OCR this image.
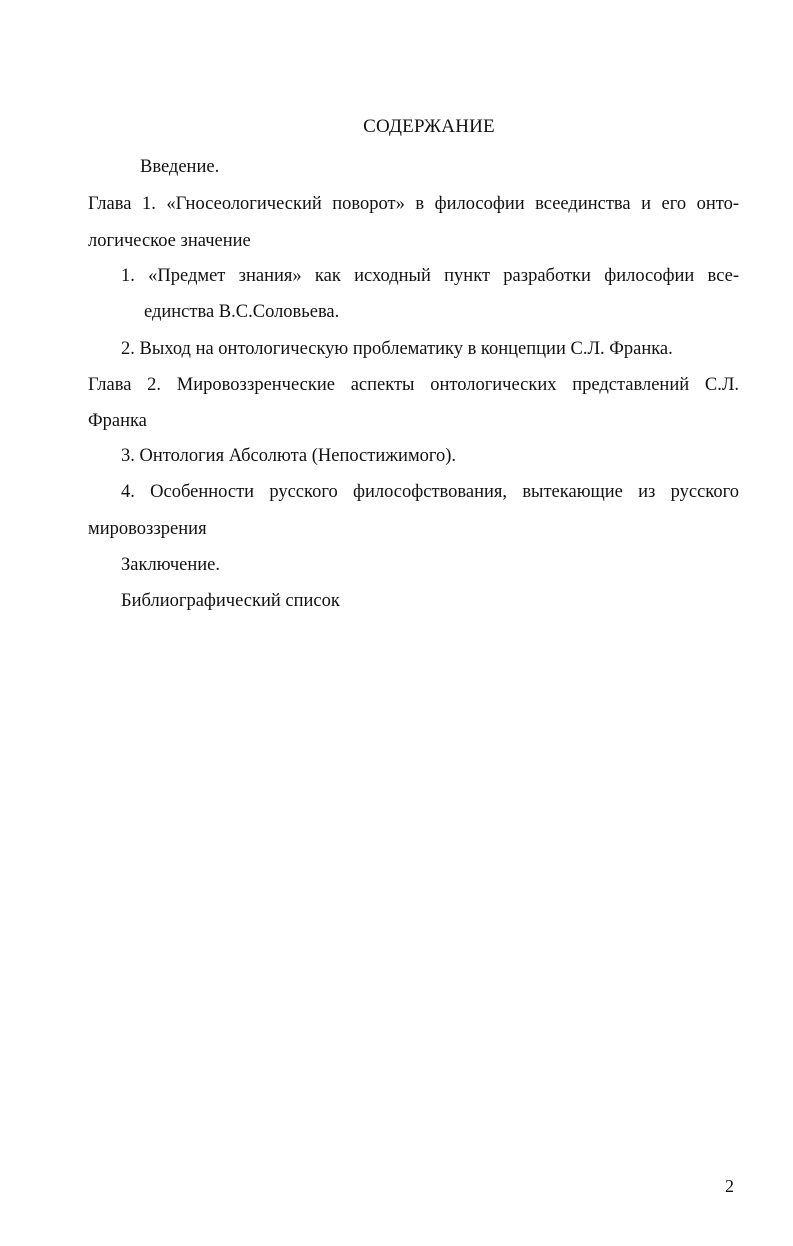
СОДЕРЖАНИЕ
Введение.
Глава 1. «Гносеологический поворот» в философии всеединства и его онто-
логическое значение
1. «Предмет знания» как исходный пункт разработки философии все-
единства В.С.Соловьева.
2. Выход на онтологическую проблематику в концепции С.Л. Франка.
Глава 2. Мировоззренческие аспекты онтологических представлений С.Л.
Франка
3. Онтология Абсолюта (Непостижимого).
4. Особенности русского философствования, вытекающие из русского
мировоззрения
Заключение.
Библиографический список
2
